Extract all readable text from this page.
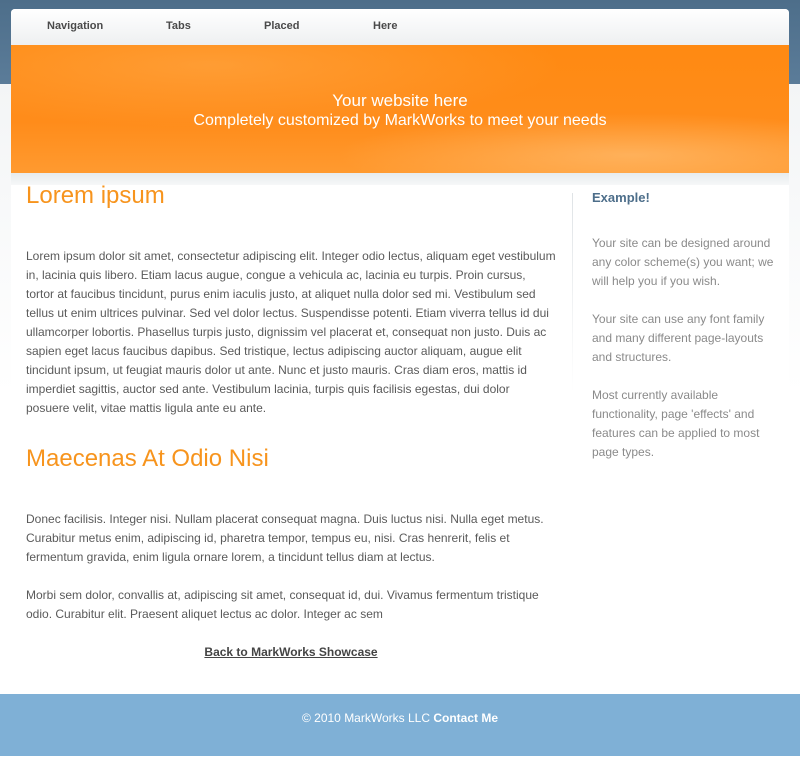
Navigation	Tabs	Placed	Here
Your website here
Completely customized by MarkWorks to meet your needs
Lorem ipsum

Lorem ipsum dolor sit amet, consectetur adipiscing elit. Integer odio lectus, aliquam eget vestibulum in, lacinia quis libero. Etiam lacus augue, congue a vehicula ac, lacinia eu turpis. Proin cursus, tortor at faucibus tincidunt, purus enim iaculis justo, at aliquet nulla dolor sed mi. Vestibulum sed tellus ut enim ultrices pulvinar. Sed vel dolor lectus. Suspendisse potenti. Etiam viverra tellus id dui ullamcorper lobortis. Phasellus turpis justo, dignissim vel placerat et, consequat non justo. Duis ac sapien eget lacus faucibus dapibus. Sed tristique, lectus adipiscing auctor aliquam, augue elit tincidunt ipsum, ut feugiat mauris dolor ut ante. Nunc et justo mauris. Cras diam eros, mattis id imperdiet sagittis, auctor sed ante. Vestibulum lacinia, turpis quis facilisis egestas, dui dolor posuere velit, vitae mattis ligula ante eu ante.

Maecenas At Odio Nisi

Donec facilisis. Integer nisi. Nullam placerat consequat magna. Duis luctus nisi. Nulla eget metus. Curabitur metus enim, adipiscing id, pharetra tempor, tempus eu, nisi. Cras henrerit, felis et fermentum gravida, enim ligula ornare lorem, a tincidunt tellus diam at lectus.

Morbi sem dolor, convallis at, adipiscing sit amet, consequat id, dui. Vivamus fermentum tristique odio. Curabitur elit. Praesent aliquet lectus ac dolor. Integer ac sem

Back to MarkWorks Showcase
Example!

Your site can be designed around any color scheme(s) you want; we will help you if you wish.

Your site can use any font family and many different page-layouts and structures.

Most currently available functionality, page 'effects' and features can be applied to most page types.

© 2010 MarkWorks LLC Contact Me
